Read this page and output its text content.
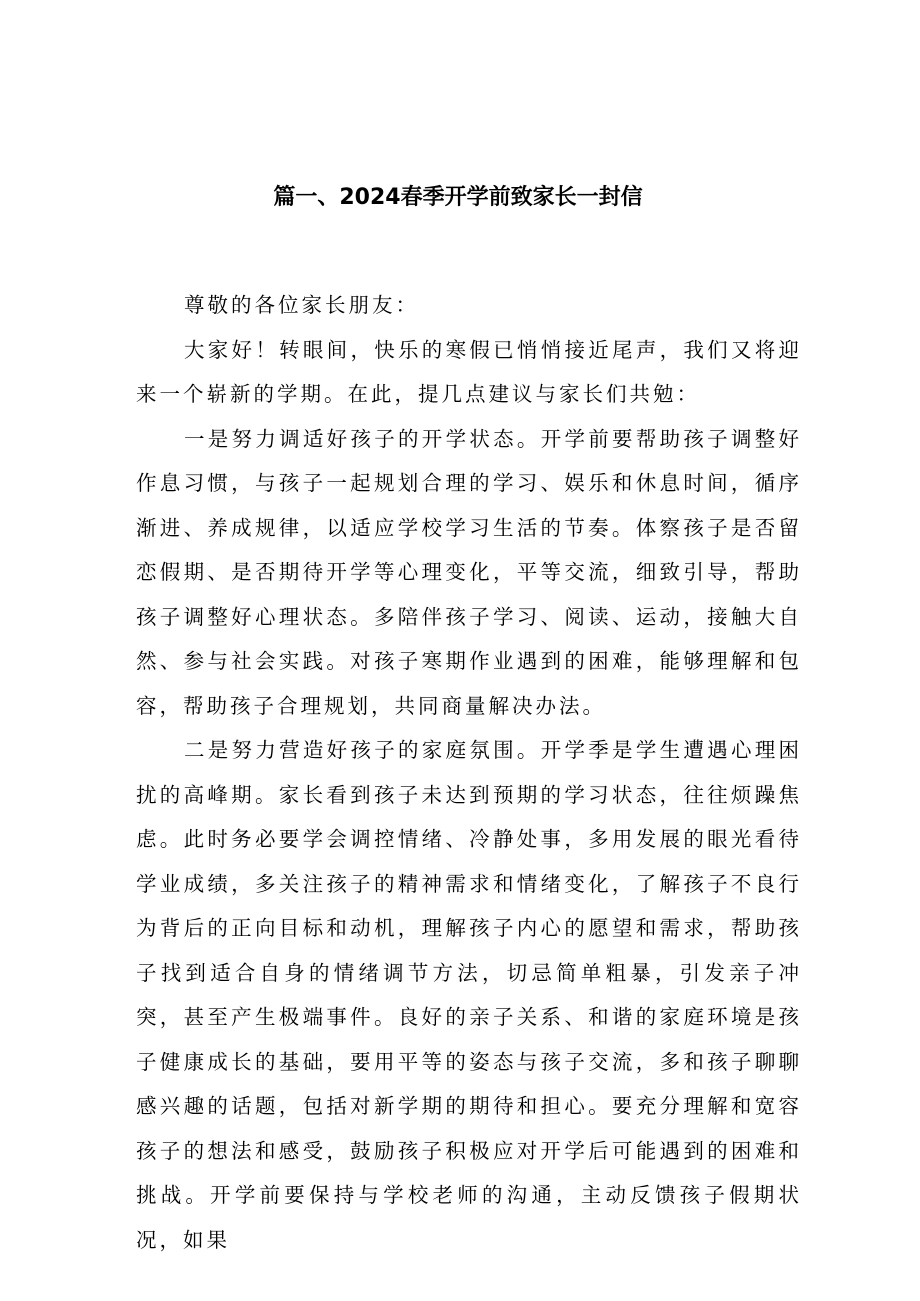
篇一、2024春季开学前致家长一封信

尊敬的各位家长朋友：

大家好！转眼间，快乐的寒假已悄悄接近尾声，我们又将迎来一个崭新的学期。在此，提几点建议与家长们共勉：

一是努力调适好孩子的开学状态。开学前要帮助孩子调整好作息习惯，与孩子一起规划合理的学习、娱乐和休息时间，循序渐进、养成规律，以适应学校学习生活的节奏。体察孩子是否留恋假期、是否期待开学等心理变化，平等交流，细致引导，帮助孩子调整好心理状态。多陪伴孩子学习、阅读、运动，接触大自然、参与社会实践。对孩子寒期作业遇到的困难，能够理解和包容，帮助孩子合理规划，共同商量解决办法。

二是努力营造好孩子的家庭氛围。开学季是学生遭遇心理困扰的高峰期。家长看到孩子未达到预期的学习状态，往往烦躁焦虑。此时务必要学会调控情绪、冷静处事，多用发展的眼光看待学业成绩，多关注孩子的精神需求和情绪变化，了解孩子不良行为背后的正向目标和动机，理解孩子内心的愿望和需求，帮助孩子找到适合自身的情绪调节方法，切忌简单粗暴，引发亲子冲突，甚至产生极端事件。良好的亲子关系、和谐的家庭环境是孩子健康成长的基础，要用平等的姿态与孩子交流，多和孩子聊聊感兴趣的话题，包括对新学期的期待和担心。要充分理解和宽容孩子的想法和感受，鼓励孩子积极应对开学后可能遇到的困难和挑战。开学前要保持与学校老师的沟通，主动反馈孩子假期状况，如果
